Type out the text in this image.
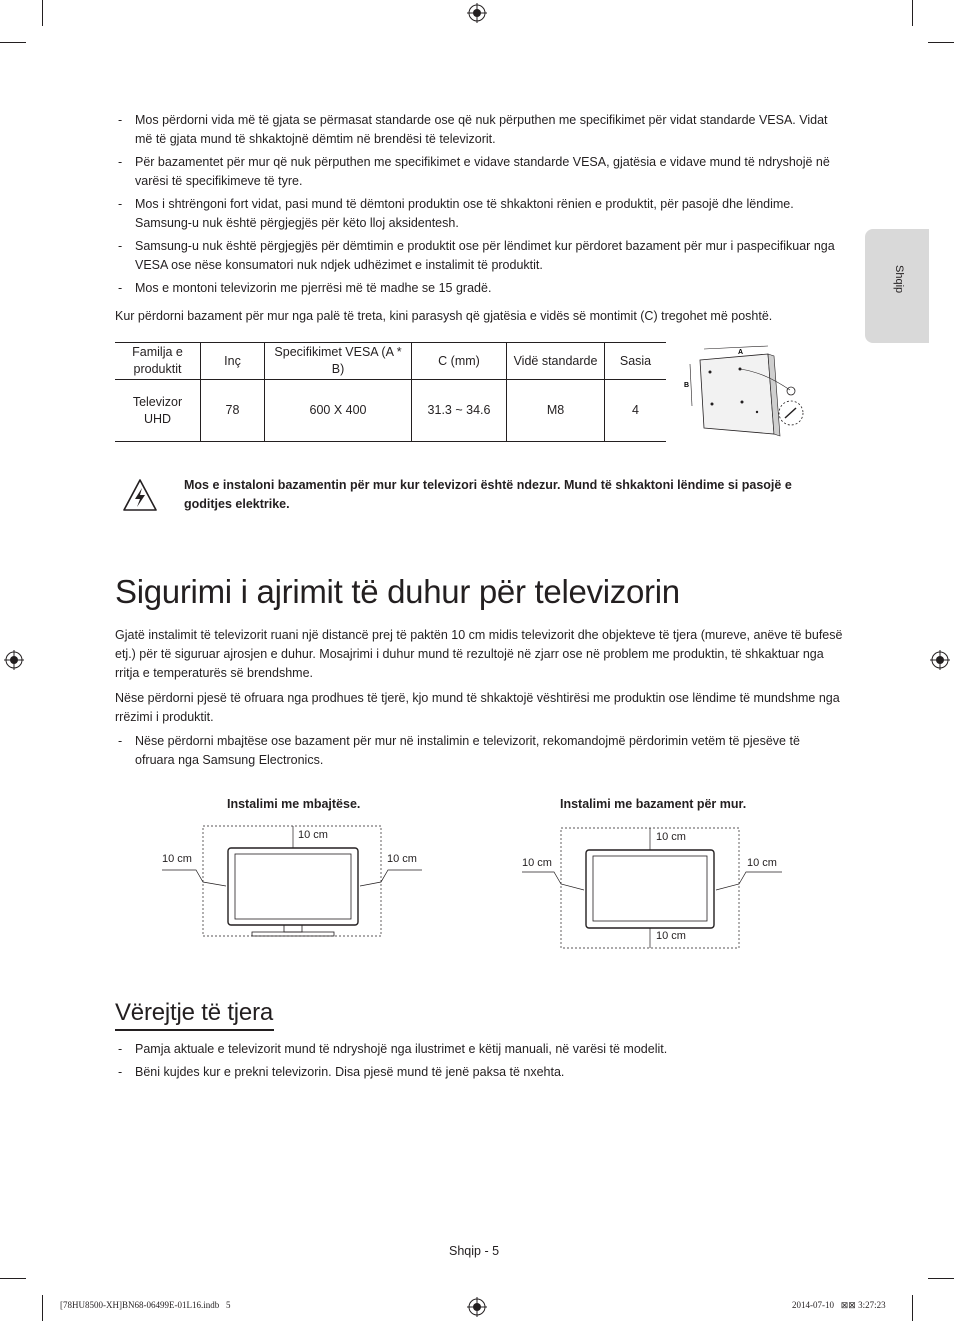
Shqip
- Mos përdorni vida më të gjata se përmasat standarde ose që nuk përputhen me specifikimet për vidat standarde VESA. Vidat më të gjata mund të shkaktojnë dëmtim në brendësi të televizorit.
- Për bazamentet për mur që nuk përputhen me specifikimet e vidave standarde VESA, gjatësia e vidave mund të ndryshojë në varësi të specifikimeve të tyre.
- Mos i shtrëngoni fort vidat, pasi mund të dëmtoni produktin ose të shkaktoni rënien e produktit, për pasojë dhe lëndime. Samsung-u nuk është përgjegjës për këto lloj aksidentesh.
- Samsung-u nuk është përgjegjës për dëmtimin e produktit ose për lëndimet kur përdoret bazament për mur i paspecifikuar nga VESA ose nëse konsumatori nuk ndjek udhëzimet e instalimit të produktit.
- Mos e montoni televizorin me pjerrësi më të madhe se 15 gradë.

Kur përdorni bazament për mur nga palë të treta, kini parasysh që gjatësia e vidës së montimit (C) tregohet më poshtë.

Familja e produktit	Inç	Specifikimet VESA (A * B)	C (mm)	Vidë standarde	Sasia
Televizor UHD	78	600 X 400	31.3 ~ 34.6	M8	4
A
B

Mos e instaloni bazamentin për mur kur televizori është ndezur. Mund të shkaktoni lëndime si pasojë e goditjes elektrike.

Sigurimi i ajrimit të duhur për televizorin

Gjatë instalimit të televizorit ruani një distancë prej të paktën 10 cm midis televizorit dhe objekteve të tjera (mureve, anëve të bufesë etj.) për të siguruar ajrosjen e duhur. Mosajrimi i duhur mund të rezultojë në zjarr ose në problem me produktin, të shkaktuar nga rritja e temperaturës së brendshme.

Nëse përdorni pjesë të ofruara nga prodhues të tjerë, kjo mund të shkaktojë vështirësi me produktin ose lëndime të mundshme nga rrëzimi i produktit.

- Nëse përdorni mbajtëse ose bazament për mur në instalimin e televizorit, rekomandojmë përdorimin vetëm të pjesëve të ofruara nga Samsung Electronics.
Instalimi me mbajtëse.
10 cm
10 cm	10 cm
Instalimi me bazament për mur.
10 cm
10 cm	10 cm
10 cm
Vërejtje të tjera
- Pamja aktuale e televizorit mund të ndryshojë nga ilustrimet e këtij manuali, në varësi të modelit.
- Bëni kujdes kur e prekni televizorin. Disa pjesë mund të jenë paksa të nxehta.
Shqip - 5
[78HU8500-XH]BN68-06499E-01L16.indb   5	2014-07-10   ⊠⊠ 3:27:23
